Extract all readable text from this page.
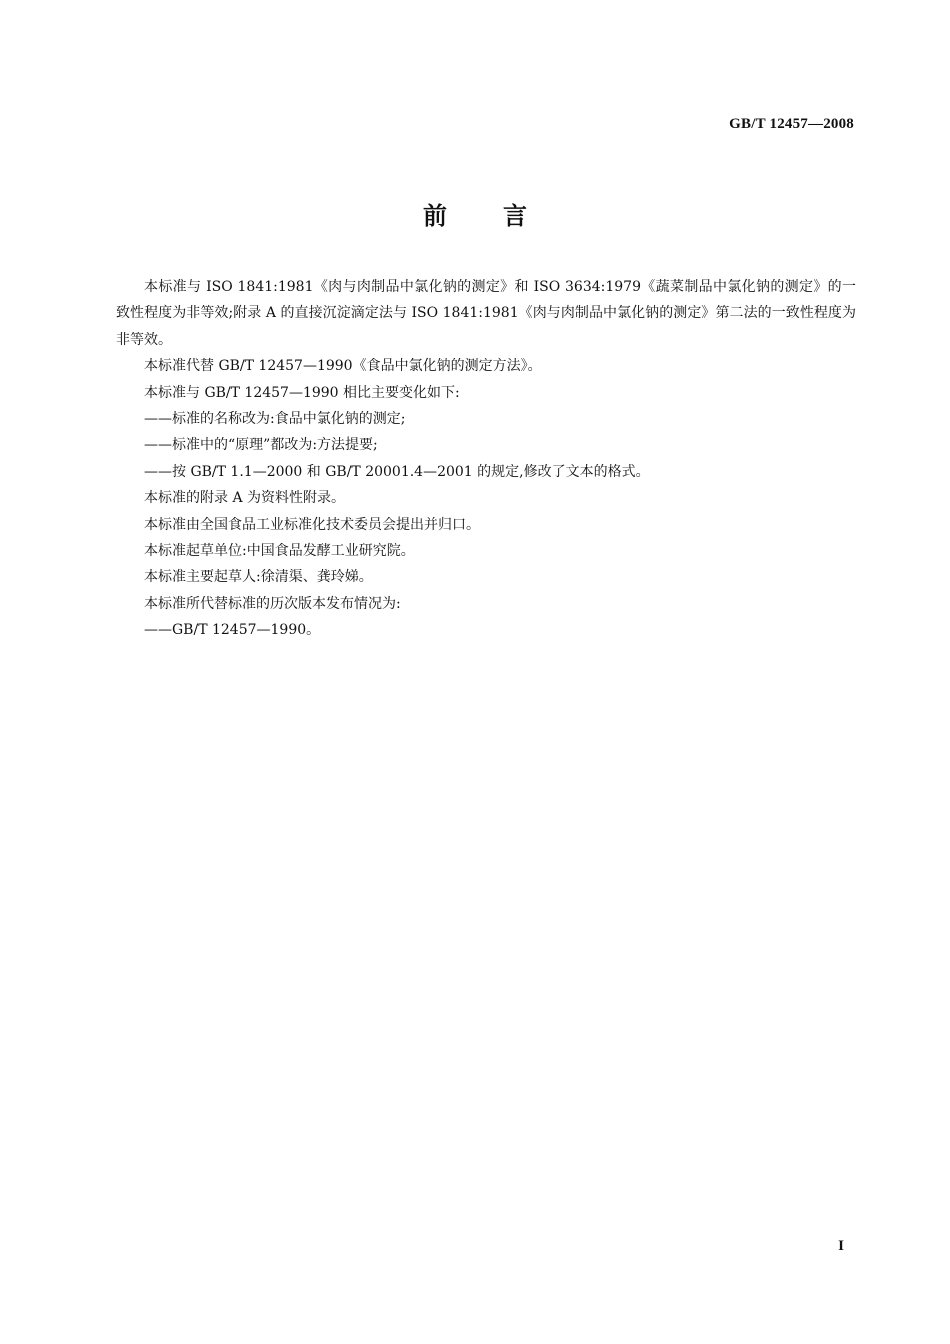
GB/T 12457—2008
前言

本标准与 ISO 1841:1981《肉与肉制品中氯化钠的测定》和 ISO 3634:1979《蔬菜制品中氯化钠的测定》的一致性程度为非等效;附录 A 的直接沉淀滴定法与 ISO 1841:1981《肉与肉制品中氯化钠的测定》第二法的一致性程度为非等效。

本标准代替 GB/T 12457—1990《食品中氯化钠的测定方法》。

本标准与 GB/T 12457—1990 相比主要变化如下:

——标准的名称改为:食品中氯化钠的测定;

——标准中的“原理”都改为:方法提要;

——按 GB/T 1.1—2000 和 GB/T 20001.4—2001 的规定,修改了文本的格式。

本标准的附录 A 为资料性附录。

本标准由全国食品工业标准化技术委员会提出并归口。

本标准起草单位:中国食品发酵工业研究院。

本标准主要起草人:徐清渠、龚玲娣。

本标准所代替标准的历次版本发布情况为:

——GB/T 12457—1990。

I
